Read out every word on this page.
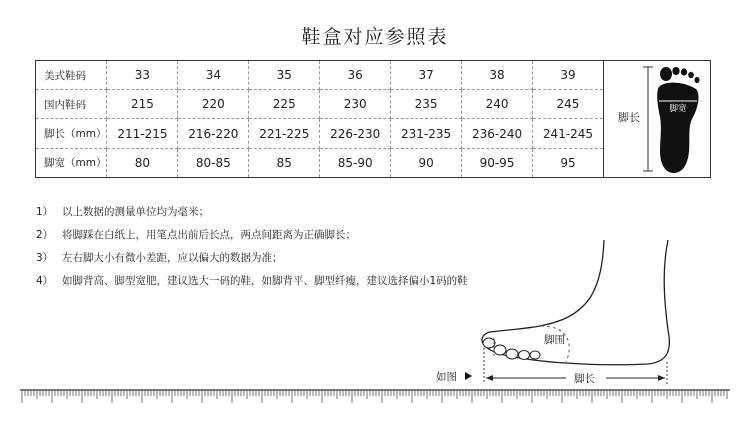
鞋盒对应参照表
美式鞋码	33	34	35	36	37	38	39
国内鞋码	215	220	225	230	235	240	245
脚长（mm）	211-215	216-220	221-225	226-230	231-235	236-240	241-245
脚宽（mm）	80	80-85	85	85-90	90	90-95	95
脚长
脚宽
1） 以上数据的测量单位均为毫米；
2） 将脚踩在白纸上，用笔点出前后长点，两点间距离为正确脚长；
3） 左右脚大小有微小差距，应以偏大的数据为准；
4） 如脚背高、脚型宽肥，建议选大一码的鞋，如脚背平、脚型纤瘦，建议选择偏小1码的鞋
脚围
脚长
如图
